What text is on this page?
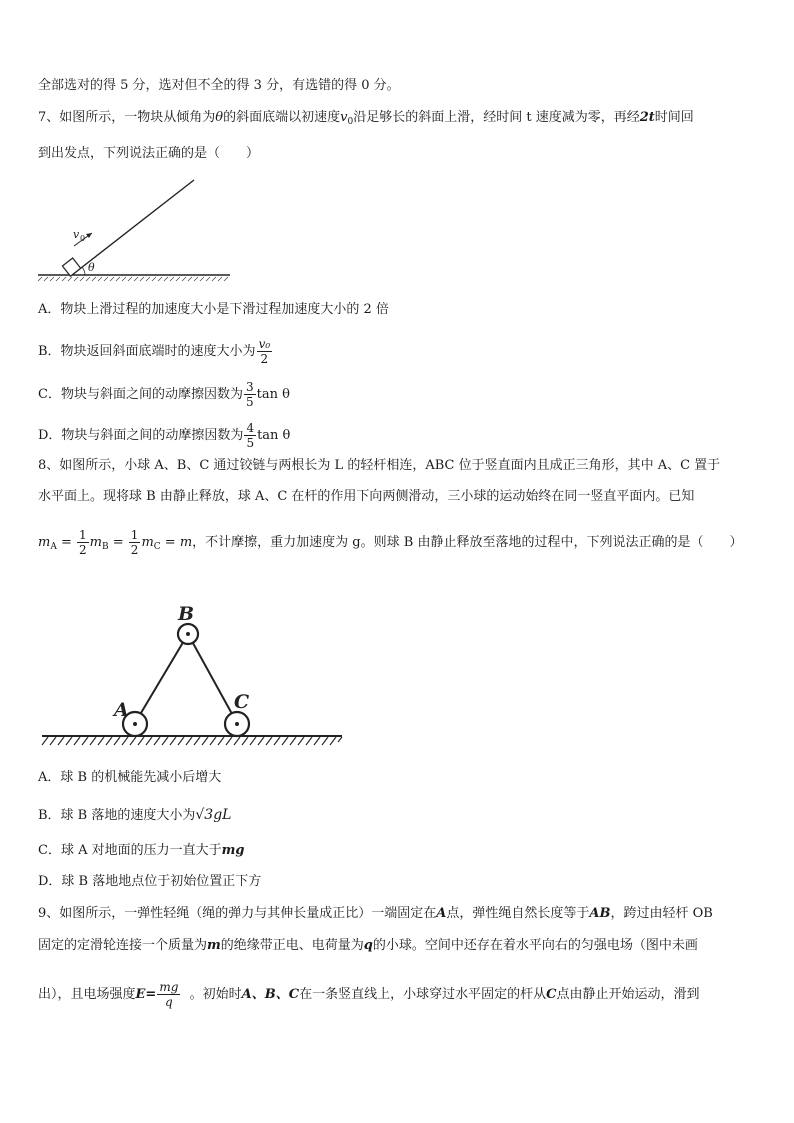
全部选对的得 5 分，选对但不全的得 3 分，有选错的得 0 分。
7、如图所示，一物块从倾角为θ的斜面底端以初速度$v_0$沿足够长的斜面上滑，经时间 t 速度减为零，再经2t时间回
到出发点，下列说法正确的是（　　）
v 0
θ
A．物块上滑过程的加速度大小是下滑过程加速度大小的 2 倍
B．物块返回斜面底端时的速度大小为 $\frac{\text{v₀}}{2}$
C．物块与斜面之间的动摩擦因数为 $\frac{3}{5}$ tan θ
D．物块与斜面之间的动摩擦因数为 $\frac{4}{5}$ tan θ
8、如图所示，小球 A、B、C 通过铰链与两根长为 L 的轻杆相连，ABC 位于竖直面内且成正三角形，其中 A、C 置于
水平面上。现将球 B 由静止释放，球 A、C 在杆的作用下向两侧滑动，三小球的运动始终在同一竖直平面内。已知
$m_A = \frac{1}{2} m_B = \frac{1}{2} m_C = m$，不计摩擦，重力加速度为 g。则球 B 由静止释放至落地的过程中，下列说法正确的是（　　）
B
A	C
A．球 B 的机械能先减小后增大
B．球 B 落地的速度大小为√3gL
C．球 A 对地面的压力一直大于mg
D．球 B 落地地点位于初始位置正下方
9、如图所示，一弹性轻绳（绳的弹力与其伸长量成正比）一端固定在A点，弹性绳自然长度等于AB，跨过由轻杆 OB
固定的定滑轮连接一个质量为m的绝缘带正电、电荷量为q的小球。空间中还存在着水平向右的匀强电场（图中未画
出），且电场强度$E= \frac{mg}{q}$ 。初始时A、B、C在一条竖直线上，小球穿过水平固定的杆从C点由静止开始运动，滑到
